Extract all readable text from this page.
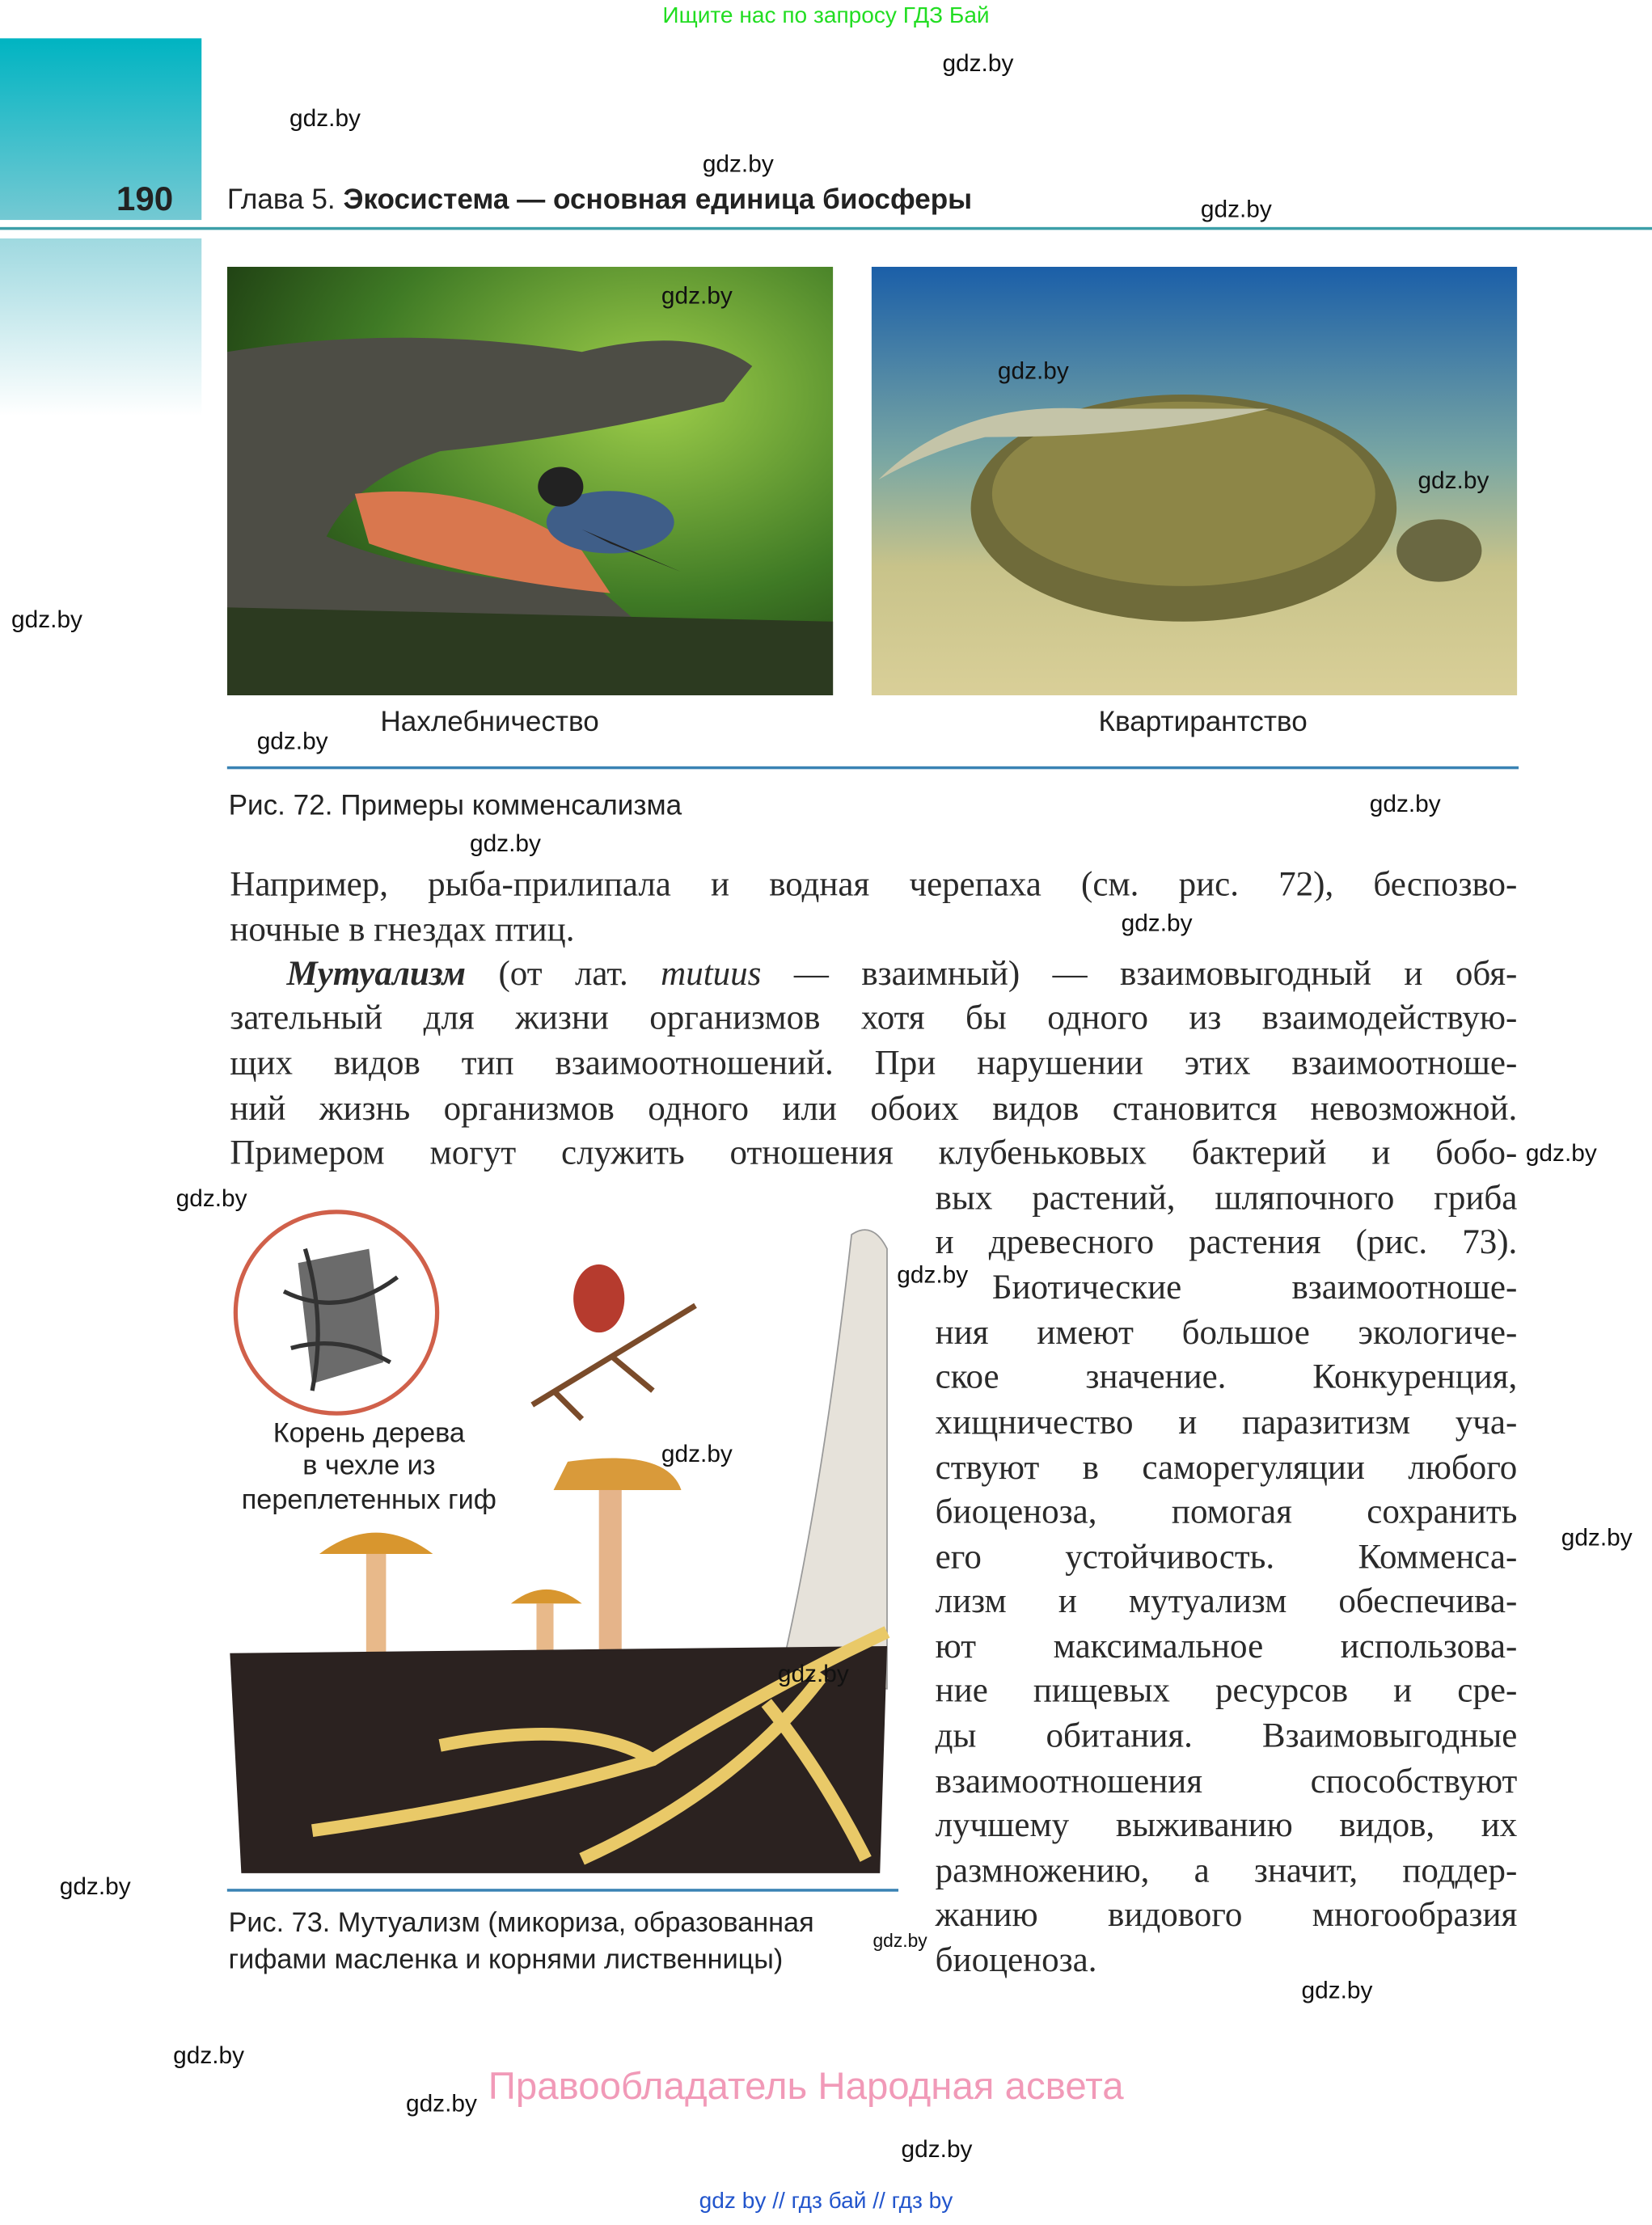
Ищите нас по запросу ГДЗ Бай
190	Глава 5. Экосистема — основная единица биосферы
Нахлебничество	Квартирантство
Рис. 72. Примеры комменсализма
Например, рыба-прилипала и водная черепаха (см. рис. 72), беспозво-
ночные в гнездах птиц.
Мутуализм (от лат. mutuus — взаимный) — взаимовыгодный и обя-
зательный для жизни организмов хотя бы одного из взаимодействую-
щих видов тип взаимоотношений. При нарушении этих взаимоотноше-
ний жизнь организмов одного или обоих видов становится невозможной.
Примером могут служить отношения клубеньковых бактерий и бобо-
вых растений, шляпочного гриба
и древесного растения (рис. 73).
Биотические взаимоотноше-
ния имеют большое экологиче-
ское значение. Конкуренция,
хищничество и паразитизм уча-
ствуют в саморегуляции любого
биоценоза, помогая сохранить
его устойчивость. Комменса-
лизм и мутуализм обеспечива-
ют максимальное использова-
ние пищевых ресурсов и сре-
ды обитания. Взаимовыгодные
взаимоотношения способствуют
лучшему выживанию видов, их
размножению, а значит, поддер-
жанию видового многообразия
биоценоза.
Корень дерева
в чехле из
переплетенных гиф
Рис. 73. Мутуализм (микориза, образованная
гифами масленка и корнями лиственницы)
gdz.by
gdz.by
gdz.by
gdz.by
gdz.by
gdz.by
gdz.by
gdz.by
gdz.by
gdz.by
gdz.by
gdz.by
gdz.by
gdz.by
gdz.by
gdz.by
gdz.by
gdz.by
gdz.by
gdz.by
gdz.by
gdz.by
gdz.by
gdz.by
Правообладатель Народная асвета
gdz by // гдз бай // гдз by
